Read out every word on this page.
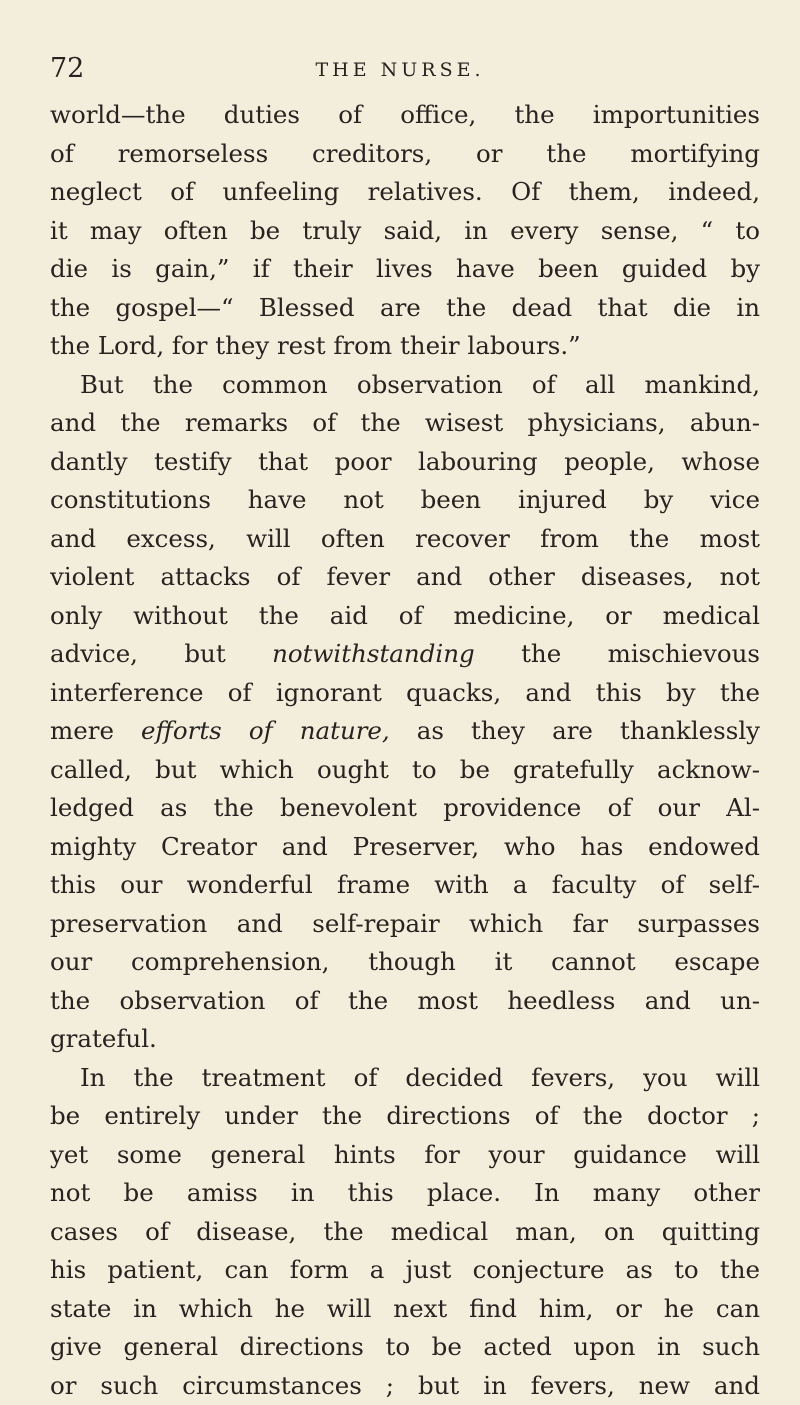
72	THE NURSE.
world—the duties of office, the importunities
of remorseless creditors, or the mortifying
neglect of unfeeling relatives. Of them, indeed,
it may often be truly said, in every sense, “ to
die is gain,” if their lives have been guided by
the gospel—“ Blessed are the dead that die in
the Lord, for they rest from their labours.”
But the common observation of all mankind,
and the remarks of the wisest physicians, abun-
dantly testify that poor labouring people, whose
constitutions have not been injured by vice
and excess, will often recover from the most
violent attacks of fever and other diseases, not
only without the aid of medicine, or medical
advice, but notwithstanding the mischievous
interference of ignorant quacks, and this by the
mere efforts of nature, as they are thanklessly
called, but which ought to be gratefully acknow-
ledged as the benevolent providence of our Al-
mighty Creator and Preserver, who has endowed
this our wonderful frame with a faculty of self-
preservation and self-repair which far surpasses
our comprehension, though it cannot escape
the observation of the most heedless and un-
grateful.
In the treatment of decided fevers, you will
be entirely under the directions of the doctor ;
yet some general hints for your guidance will
not be amiss in this place. In many other
cases of disease, the medical man, on quitting
his patient, can form a just conjecture as to the
state in which he will next find him, or he can
give general directions to be acted upon in such
or such circumstances ; but in fevers, new and
